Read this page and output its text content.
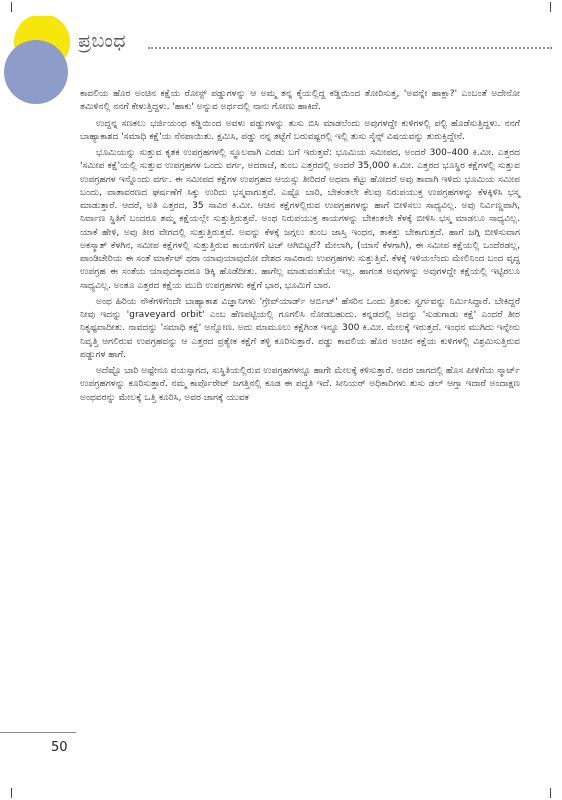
ಪ್ರಬಂಧ

ಕಾವಲಿಯ ಹೊರ ಅಂಚಿನ ಕಕ್ಷೆಯ ರೋಸ್ಟ್ ಪಡ್ಡುಗಳನ್ನು ಆ ಅಮ್ಮ ತನ್ನ ಕೈಯಲ್ಲಿದ್ದ ಕಡ್ಡಿಯಿಂದ ತೋರಿಸುತ್ತ, 'ಅವನ್ನೇ ಹಾಕ್ಲಾ?' ಎಂಬಂತೆ ಅದೇನೋ ತಮಿಳಿನಲ್ಲಿ ನನಗೆ ಕೇಳುತ್ತಿದ್ದಳು. 'ಹಾಕು' ಅನ್ನುವ ಅರ್ಥದಲ್ಲಿ ನಾನು ಗೋಣು ಹಾಕಿದೆ.

ಉದ್ದನ್ನ ಸಣಕಲು ಭರ್ಜಿಯಂಥ ಕಡ್ಡಿಯಿಂದ ಅವಳು ಪಡ್ಡುಗಳನ್ನು ತುಸು ಬಿಸಿ ಮಾಡಲೆಂದು ಅವುಗಳದ್ದೇ ಕುಳಿಗಳಲ್ಲಿ ಪಲ್ಟಿ ಹೊಡೆಸುತ್ತಿದ್ದಳು. ನನಗೆ ಬಾಹ್ಯಾಕಾಶದ 'ಸಮಾಧಿ ಕಕ್ಷೆ'ಯ ನೆನಪಾಯಿತು. ಕ್ಷಮಿಸಿ, ಪಡ್ಡು ನನ್ನ ತಟ್ಟೆಗೆ ಬರುವಷ್ಟರಲ್ಲಿ ಇಲ್ಲಿ ತುಸು ಸೈನ್ಸ್ ವಿಷಯವನ್ನು ತುರುಕ್ತಿದ್ದೇನೆ.

ಭೂಮಿಯನ್ನು ಸುತ್ತುವ ಕೃತಕ ಉಪಗ್ರಹಗಳಲ್ಲಿ ಸ್ಥೂಲವಾಗಿ ಎರಡು ಬಗೆ ಇರುತ್ತವೆ: ಭೂಮಿಯ ಸಮೀಪದ, ಅಂದರೆ 300–400 ಕಿ.ಮೀ. ಎತ್ತರದ 'ಸಮೀಪ ಕಕ್ಷೆ'ಯಲ್ಲಿ ಸುತ್ತುವ ಉಪಗ್ರಹಗಳ ಒಂದು ವರ್ಗ, ಅದರಾಚೆ, ತುಂಬ ಎತ್ತರದಲ್ಲಿ ಅಂದರೆ 35,000 ಕಿ.ಮೀ. ಎತ್ತರದ ಭೂಸ್ಥಿರ ಕಕ್ಷೆಗಳಲ್ಲಿ ಸುತ್ತುವ ಉಪಗ್ರಹಗಳ ಇನ್ನೊಂದು ವರ್ಗ. ಈ ಸಮೀಪದ ಕಕ್ಷೆಗಳ ಉಪಗ್ರಹದ ಆಯಸ್ಸು ತೀರಿದರೆ ಅಥವಾ ಕೆಟ್ಟು ಹೋದರೆ ಅವು ತಾವಾಗಿ ಇಳಿದು ಭೂಮಿಯ ಸಮೀಪ ಬಂದು, ವಾತಾವರಣದ ಘರ್ಷಣೆಗೆ ಸಿಕ್ಕು ಉರಿದು ಭಸ್ಮವಾಗುತ್ತವೆ. ಎಷ್ಟೊ ಬಾರಿ, ಬೇಕಂತಲೇ ಕೆಲವು ನಿರುಪಯುಕ್ತ ಉಪಗ್ರಹಗಳನ್ನು ಕೆಳಕ್ಕಿಳಿಸಿ ಭಸ್ಮ ಮಾಡುತ್ತಾರೆ. ಆದರೆ, ಅತಿ ಎತ್ತರದ, 35 ಸಾವಿರ ಕಿ.ಮೀ. ಆಚಿನ ಕಕ್ಷೆಗಳಲ್ಲಿರುವ ಉಪಗ್ರಹಗಳನ್ನು ಹಾಗೆ ಬೀಳಿಸಲು ಸಾಧ್ಯವಿಲ್ಲ. ಅವು ನಿರ್ವಿಣ್ಣವಾಗಿ, ನಿರ್ವಾಣ ಸ್ಥಿತಿಗೆ ಬಂದರೂ ತಮ್ಮ ಕಕ್ಷೆಯಲ್ಲೇ ಸುತ್ತುತ್ತಿರುತ್ತವೆ. ಅಂಥ ನಿರುಪಯುಕ್ತ ಕಾಯಗಳನ್ನು ಬೇಕಂತಲೇ ಕೆಳಕ್ಕೆ ಬೀಳಿಸಿ ಭಸ್ಮ ಮಾಡಲೂ ಸಾಧ್ಯವಿಲ್ಲ. ಯಾಕೆ ಹೇಳಿ, ಅವು ತೀರ ವೇಗದಲ್ಲಿ ಸುತ್ತುತ್ತಿರುತ್ತವೆ. ಅವನ್ನು ಕೆಳಕ್ಕೆ ಜಗ್ಗಲು ತುಂಬ ಜಾಸ್ತಿ ಇಂಧನ, ತಾಕತ್ತು ಬೇಕಾಗುತ್ತದೆ. ಹಾಗೆ ಜಗ್ಗಿ ಬೀಳಿಸುವಾಗ ಅಕಸ್ಮಾತ್ ಕೆಳಗಿನ, ಸಮೀಪ ಕಕ್ಷೆಗಳಲ್ಲಿ ಸುತ್ತುತ್ತಿರುವ ಕಾಯಗಳಿಗೆ ಟಚ್ ಆಗಿಬಿಟ್ಟರೆ? ಮೇಲಾಗಿ, (ಯಾನೆ ಕೆಳಗಾಗಿ), ಈ ಸಮೀಪ ಕಕ್ಷೆಯಲ್ಲಿ ಒಂದೆರಡಲ್ಲ, ಪಾಂಡಿಚೇರಿಯ ಈ ಸಂತೆ ಮಾರ್ಕೆಟ್ ಥರಾ ಯಾವುಯಾವುದೋ ದೇಶದ ಸಾವಿರಾರು ಉಪಗ್ರಹಗಳು ಸುತ್ತುತ್ತಿವೆ. ಕೆಳಕ್ಕೆ ಇಳಿಯಲೆಂದು ಮೇಲಿನಿಂದ ಬಂದ ವೃದ್ಧ ಉಪಗ್ರಹ ಈ ಸಂತೆಯ ಯಾವುದಕ್ಕಾದರೂ ಡಿಕ್ಕಿ ಹೊಡೆದೀತು. ಹಾಗೆಲ್ಲ ಮಾಡುವಂತೆಯೇ ಇಲ್ಲ. ಹಾಗಂತ ಅವುಗಳನ್ನು ಅವುಗಳದ್ದೇ ಕಕ್ಷೆಯಲ್ಲಿ ಇಟ್ಟಿರಲೂ ಸಾಧ್ಯವಿಲ್ಲ. ಅಂತೂ ಎತ್ತರದ ಕಕ್ಷೆಯ ಮುದಿ ಉಪಗ್ರಹಗಳು ಕಕ್ಷೆಗೆ ಭಾರ, ಭೂಮಿಗೆ ಬಾರ.

ಅಂಥ ಹಿರಿಯ ನೌಕೆಗಳಿಗೆಂದೇ ಬಾಹ್ಯಾಕಾಶ ವಿಜ್ಞಾನಿಗಳು 'ಗ್ರೇವ್‌ಯಾರ್ಡ್ ಆರ್ಬಿಟ್' ಹೆಸರಿನ ಒಂದು ತ್ರಿಶಂಕು ಸ್ವರ್ಗವನ್ನು ನಿರ್ಮಿಸಿದ್ದಾರೆ. ಬೇಕಿದ್ದರೆ ನೀವು ಇದನ್ನು 'graveyard orbit' ಎಂಬ ಹೆಣಪಟ್ಟಿಯಲ್ಲಿ ಗೂಗಲಿಸಿ ನೋಡಬಹುದು. ಕನ್ನಡದಲ್ಲಿ ಅದನ್ನು 'ಸುಡುಗಾಡು ಕಕ್ಷೆ' ಎಂದರೆ ತೀರ ನಿಕೃಷ್ಟವಾದೀತು. ನಾವದನ್ನು 'ಸಮಾಧಿ ಕಕ್ಷೆ' ಅನ್ನೋಣ. ಅದು ಮಾಮೂಲು ಕಕ್ಷೆಗಿಂತ ಇನ್ನೂ 300 ಕಿ.ಮೀ. ಮೇಲಕ್ಕೆ ಇರುತ್ತದೆ. ಇಂಧನ ಮುಗಿದು ಇನ್ನೇನು ನಿವೃತ್ತಿ ಆಗಲಿರುವ ಉಪಗ್ರಹವನ್ನು ಆ ಎತ್ತರದ ಪ್ರತ್ಯೇಕ ಕಕ್ಷೆಗೆ ತಳ್ಳಿ ಕೂರಿಸುತ್ತಾರೆ. ಪಡ್ಡು ಕಾವಲಿಯ ಹೊರ ಅಂಚಿನ ಕಕ್ಷೆಯ ಕುಳಿಗಳಲ್ಲಿ ವಿಶ್ರಮಿಸುತ್ತಿರುವ ಪಡ್ಡುಗಳ ಹಾಗೆ.

ಅದೆಷ್ಟೊ ಬಾರಿ ಅಷ್ಟೇನೂ ವಯಸ್ಸಾಗದ, ಸುಸ್ಥಿತಿಯಲ್ಲಿರುವ ಉಪಗ್ರಹಗಳನ್ನೂ ಹಾಗೇ ಮೇಲಕ್ಕೆ ಕಳಿಸುತ್ತಾರೆ. ಅದರ ಜಾಗದಲ್ಲಿ ಹೊಸ ಪೀಳಿಗೆಯ ಸ್ಮಾರ್ಟ್ ಉಪಗ್ರಹಗಳನ್ನು ಕೂರಿಸುತ್ತಾರೆ. ನಮ್ಮ ಕಾರ್ಪೊರೇಟ್ ಜಗತ್ತಿನಲ್ಲಿ ಕೂಡ ಈ ಪದ್ಧತಿ ಇದೆ. ಸೀನಿಯರ್ ಅಧಿಕಾರಿಗಳು ತುಸು ಡಲ್ ಆಗ್ತಾ ಇದಾರೆ ಅಂದಾಕ್ಷಣ ಅಂಥವರನ್ನು ಮೇಲಕ್ಕೆ ಒತ್ತಿ ಕೂರಿಸಿ, ಅವರ ಜಾಗಕ್ಕೆ ಯುವಕ

50
